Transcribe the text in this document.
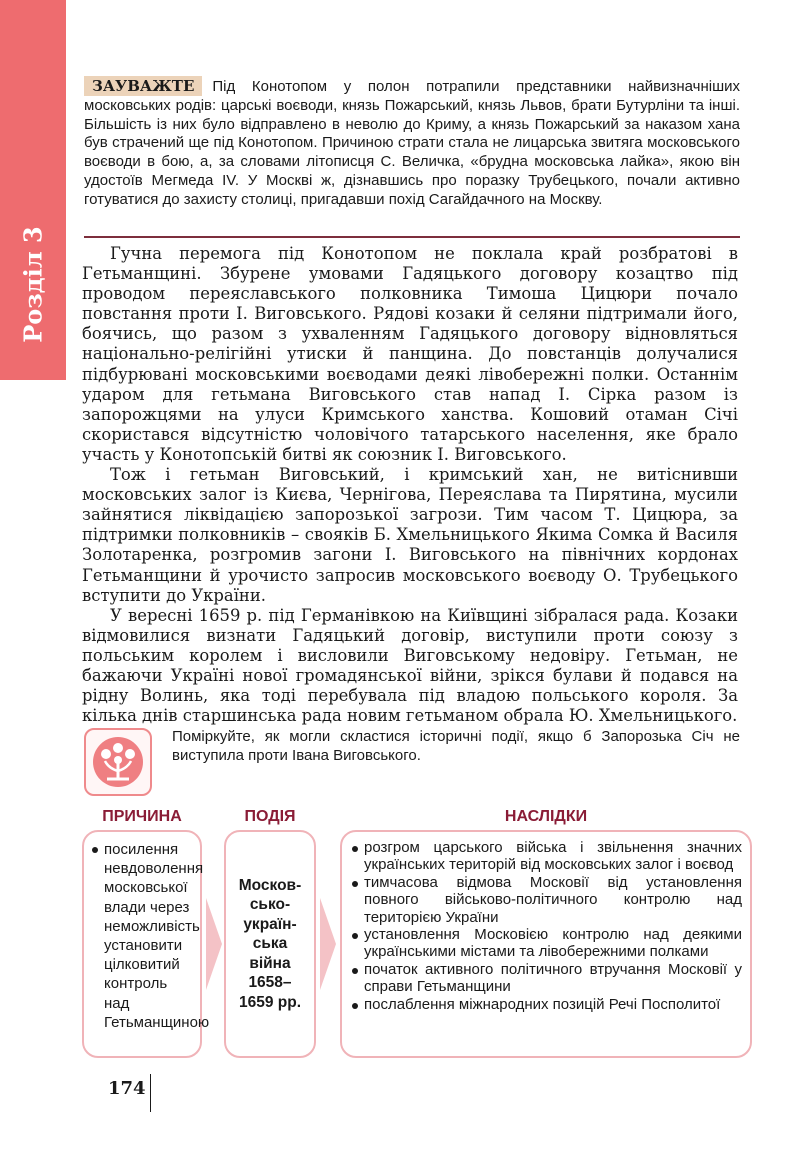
Розділ 3
ЗАУВАЖТЕ Під Конотопом у полон потрапили представники найвизначніших московських родів: царські воєводи, князь Пожарський, князь Львов, брати Бутурліни та інші. Більшість із них було відправлено в неволю до Криму, а князь Пожарський за наказом хана був страчений ще під Конотопом. Причиною страти стала не лицарська звитяга московського воєводи в бою, а, за словами літописця С. Величка, «брудна московська лайка», якою він удостоїв Мегмеда IV. У Москві ж, дізнавшись про поразку Трубецького, почали активно готуватися до захисту столиці, пригадавши похід Сагайдачного на Москву.

Гучна перемога під Конотопом не поклала край розбратові в Гетьманщині. Збурене умовами Гадяцького договору козацтво під проводом переяславського полковника Тимоша Цицюри почало повстання проти І. Виговського. Рядові козаки й селяни підтримали його, боячись, що разом з ухваленням Гадяцького договору відновляться національно-релігійні утиски й панщина. До повстанців долучалися підбурювані московськими воєводами деякі лівобережні полки. Останнім ударом для гетьмана Виговського став напад І. Сірка разом із запорожцями на улуси Кримського ханства. Кошовий отаман Січі скористався відсутністю чоловічого татарського населення, яке брало участь у Конотопській битві як союзник І. Виговського.

Тож і гетьман Виговський, і кримський хан, не витіснивши московських залог із Києва, Чернігова, Переяслава та Пирятина, мусили зайнятися ліквідацією запорозької загрози. Тим часом Т. Цицюра, за підтримки полковників – свояків Б. Хмельницького Якима Сомка й Василя Золотаренка, розгромив загони І. Виговського на північних кордонах Гетьманщини й урочисто запросив московського воєводу О. Трубецького вступити до України.

У вересні 1659 р. під Германівкою на Київщині зібралася рада. Козаки відмовилися визнати Гадяцький договір, виступили проти союзу з польським королем і висловили Виговському недовіру. Гетьман, не бажаючи Україні нової громадянської війни, зрікся булави й подався на рідну Волинь, яка тоді перебувала під владою польського короля. За кілька днів старшинська рада новим гетьманом обрала Ю. Хмельницького.

Поміркуйте, як могли скластися історичні події, якщо б Запорозька Січ не виступила проти Івана Виговського.
ПРИЧИНА	ПОДІЯ	НАСЛІДКИ
посилення невдоволення московської влади через неможливість установити цілковитий контроль над Гетьманщиною
Москов-
сько-
україн-
ська
війна
1658–
1659 рр.
розгром царського війська і звільнення значних українських територій від московських залог і воєвод
тимчасова відмова Московії від установлення повного військово-політичного контролю над територією України
установлення Московією контролю над деякими українськими містами та лівобережними полками
початок активного політичного втручання Московії у справи Гетьманщини
послаблення міжнародних позицій Речі Посполитої
174
